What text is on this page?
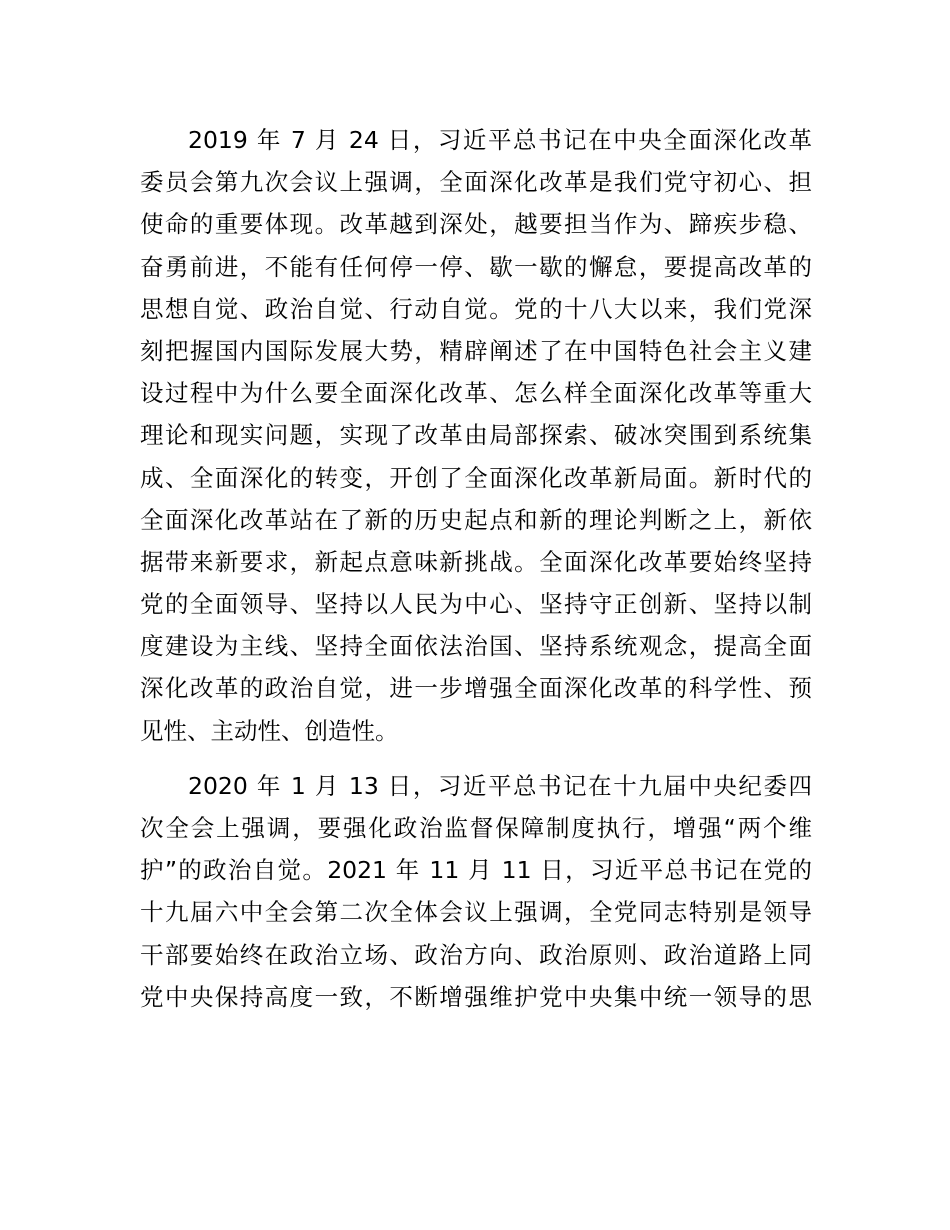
2019 年 7 月 24 日，习近平总书记在中央全面深化改革
委员会第九次会议上强调，全面深化改革是我们党守初心、担
使命的重要体现。改革越到深处，越要担当作为、蹄疾步稳、
奋勇前进，不能有任何停一停、歇一歇的懈怠，要提高改革的
思想自觉、政治自觉、行动自觉。党的十八大以来，我们党深
刻把握国内国际发展大势，精辟阐述了在中国特色社会主义建
设过程中为什么要全面深化改革、怎么样全面深化改革等重大
理论和现实问题，实现了改革由局部探索、破冰突围到系统集
成、全面深化的转变，开创了全面深化改革新局面。新时代的
全面深化改革站在了新的历史起点和新的理论判断之上，新依
据带来新要求，新起点意味新挑战。全面深化改革要始终坚持
党的全面领导、坚持以人民为中心、坚持守正创新、坚持以制
度建设为主线、坚持全面依法治国、坚持系统观念，提高全面
深化改革的政治自觉，进一步增强全面深化改革的科学性、预
见性、主动性、创造性。
2020 年 1 月 13 日，习近平总书记在十九届中央纪委四
次全会上强调，要强化政治监督保障制度执行，增强“两个维
护”的政治自觉。2021 年 11 月 11 日，习近平总书记在党的
十九届六中全会第二次全体会议上强调，全党同志特别是领导
干部要始终在政治立场、政治方向、政治原则、政治道路上同
党中央保持高度一致，不断增强维护党中央集中统一领导的思
